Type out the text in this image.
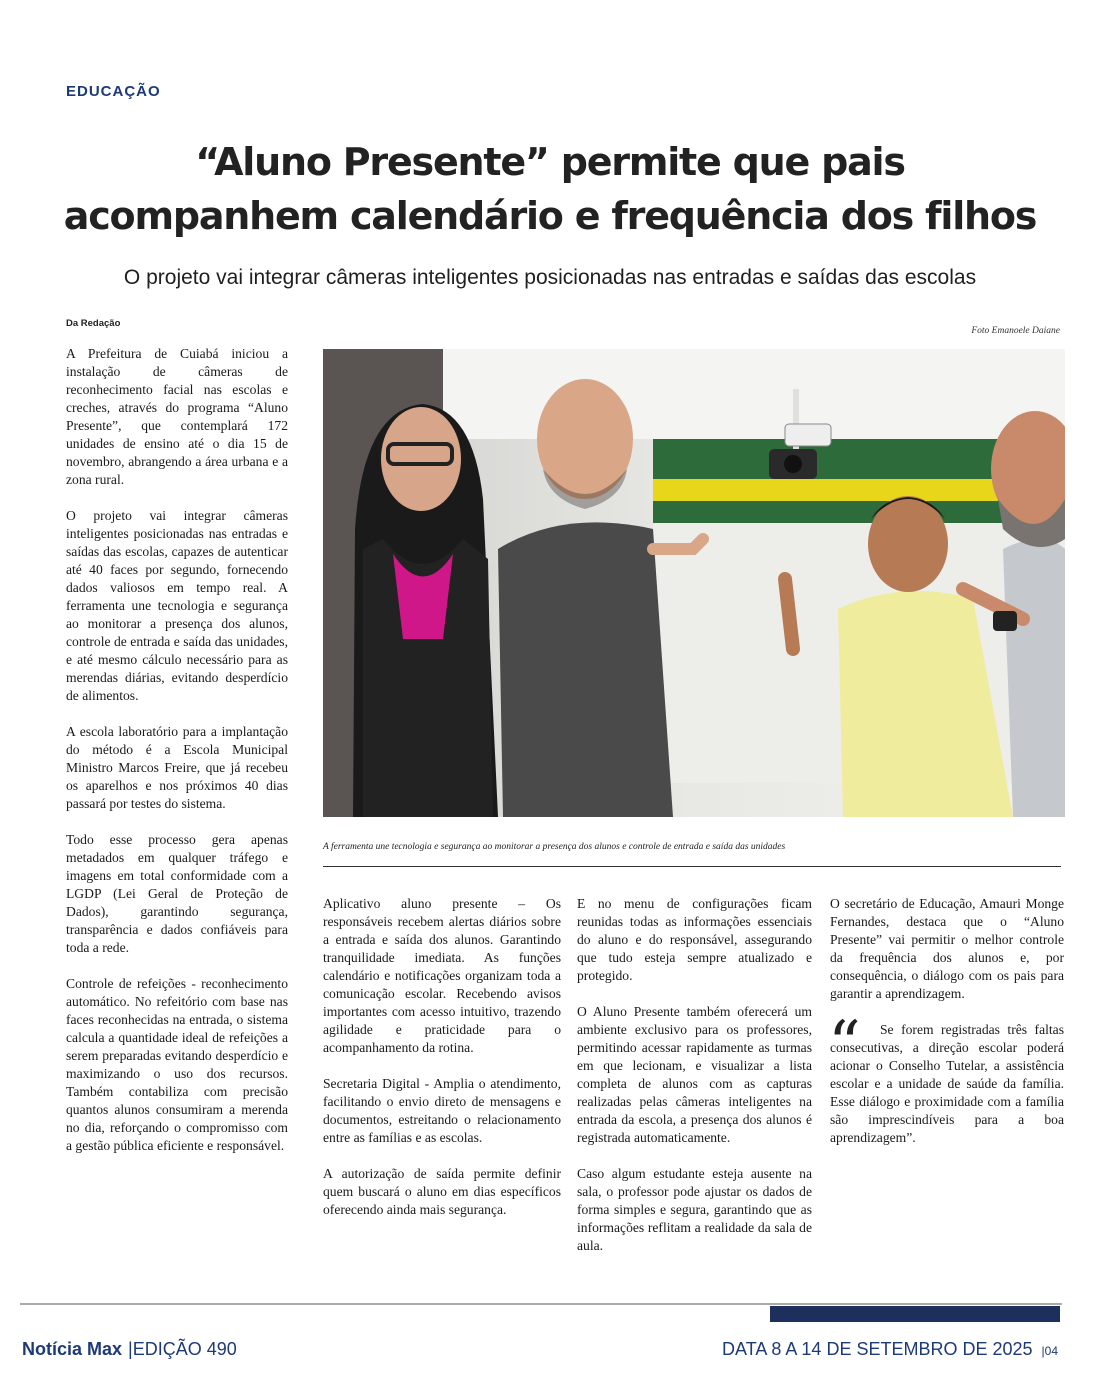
EDUCAÇÃO
“Aluno Presente” permite que pais
acompanhem calendário e frequência dos filhos
O projeto vai integrar câmeras inteligentes posicionadas nas entradas e saídas das escolas
Da Redação
Foto Emanoele Daiane
A ferramenta une tecnologia e segurança ao monitorar a presença dos alunos e controle de entrada e saída das unidades

A Prefeitura de Cuiabá iniciou a instalação de câmeras de reconhecimento facial nas escolas e creches, através do programa “Aluno Presente”, que contemplará 172 unidades de ensino até o dia 15 de novembro, abrangendo a área urbana e a zona rural.

O projeto vai integrar câmeras inteligentes posicionadas nas entradas e saídas das escolas, capazes de autenticar até 40 faces por segundo, fornecendo dados valiosos em tempo real. A ferramenta une tecnologia e segurança ao monitorar a presença dos alunos, controle de entrada e saída das unidades, e até mesmo cálculo necessário para as merendas diárias, evitando desperdício de alimentos.

A escola laboratório para a implantação do método é a Escola Municipal Ministro Marcos Freire, que já recebeu os aparelhos e nos próximos 40 dias passará por testes do sistema.

Todo esse processo gera apenas metadados em qualquer tráfego e imagens em total conformidade com a LGDP (Lei Geral de Proteção de Dados), garantindo segurança, transparência e dados confiáveis para toda a rede.

Controle de refeições - reconhecimento automático. No refeitório com base nas faces reconhecidas na entrada, o sistema calcula a quantidade ideal de refeições a serem preparadas evitando desperdício e maximizando o uso dos recursos. Também contabiliza com precisão quantos alunos consumiram a merenda no dia, reforçando o compromisso com a gestão pública eficiente e responsável.

Aplicativo aluno presente – Os responsáveis recebem alertas diários sobre a entrada e saída dos alunos. Garantindo tranquilidade imediata. As funções calendário e notificações organizam toda a comunicação escolar. Recebendo avisos importantes com acesso intuitivo, trazendo agilidade e praticidade para o acompanhamento da rotina.

Secretaria Digital - Amplia o atendimento, facilitando o envio direto de mensagens e documentos, estreitando o relacionamento entre as famílias e as escolas.

A autorização de saída permite definir quem buscará o aluno em dias específicos oferecendo ainda mais segurança.

E no menu de configurações ficam reunidas todas as informações essenciais do aluno e do responsável, assegurando que tudo esteja sempre atualizado e protegido.

O Aluno Presente também oferecerá um ambiente exclusivo para os professores, permitindo acessar rapidamente as turmas em que lecionam, e visualizar a lista completa de alunos com as capturas realizadas pelas câmeras inteligentes na entrada da escola, a presença dos alunos é registrada automaticamente.

Caso algum estudante esteja ausente na sala, o professor pode ajustar os dados de forma simples e segura, garantindo que as informações reflitam a realidade da sala de aula.

O secretário de Educação, Amauri Monge Fernandes, destaca que o “Aluno Presente” vai permitir o melhor controle da frequência dos alunos e, por consequência, o diálogo com os pais para garantir a aprendizagem.

“	Se forem registradas três faltas consecutivas, a direção escolar poderá acionar o Conselho Tutelar, a assistência escolar e a unidade de saúde da família. Esse diálogo e proximidade com a família são imprescindíveis para a boa aprendizagem”.

Notícia Max |EDIÇÃO 490	DATA 8 A 14 DE SETEMBRO DE 2025 |04
